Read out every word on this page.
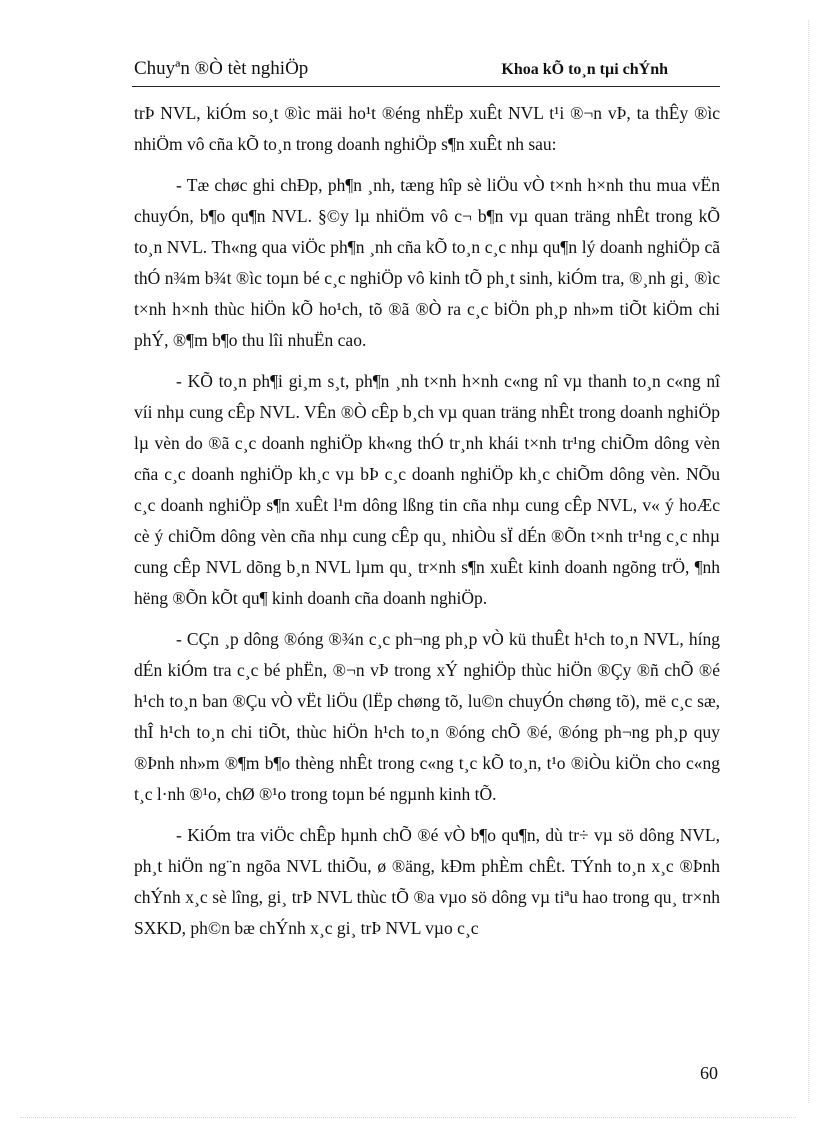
Chuyªn ®Ò tèt nghiÖp	Khoa kÕ to¸n tµi chÝnh

trÞ NVL, kiÓm so¸t ®ìc mäi ho¹t ®éng nhËp xuÊt NVL t¹i ®¬n vÞ, ta thÊy ®ìc nhiÖm vô cña kÕ to¸n trong doanh nghiÖp s¶n xuÊt nh sau:

- Tæ chøc ghi chÐp, ph¶n ¸nh, tæng hîp sè liÖu vÒ t×nh h×nh thu mua vËn chuyÓn, b¶o qu¶n NVL. §©y lµ nhiÖm vô c¬ b¶n vµ quan träng nhÊt trong kÕ to¸n NVL. Th«ng qua viÖc ph¶n ¸nh cña kÕ to¸n c¸c nhµ qu¶n lý doanh nghiÖp cã thÓ n¾m b¾t ®ìc toµn bé c¸c nghiÖp vô kinh tÕ ph¸t sinh, kiÓm tra, ®¸nh gi¸ ®ìc t×nh h×nh thùc hiÖn kÕ ho¹ch, tõ ®ã ®Ò ra c¸c biÖn ph¸p nh»m tiÕt kiÖm chi phÝ, ®¶m b¶o thu lîi nhuËn cao.

- KÕ to¸n ph¶i gi¸m s¸t, ph¶n ¸nh t×nh h×nh c«ng nî vµ thanh to¸n c«ng nî víi nhµ cung cÊp NVL. VÊn ®Ò cÊp b¸ch vµ quan träng nhÊt trong doanh nghiÖp lµ vèn do ®ã c¸c doanh nghiÖp kh«ng thÓ tr¸nh khái t×nh tr¹ng chiÕm dông vèn cña c¸c doanh nghiÖp kh¸c vµ bÞ c¸c doanh nghiÖp kh¸c chiÕm dông vèn. NÕu c¸c doanh nghiÖp s¶n xuÊt l¹m dông lßng tin cña nhµ cung cÊp NVL, v« ý hoÆc cè ý chiÕm dông vèn cña nhµ cung cÊp qu¸ nhiÒu sÏ dÉn ®Õn t×nh tr¹ng c¸c nhµ cung cÊp NVL dõng b¸n NVL lµm qu¸ tr×nh s¶n xuÊt kinh doanh ngõng trÖ, ¶nh hëng ®Õn kÕt qu¶ kinh doanh cña doanh nghiÖp.

- CÇn ¸p dông ®óng ®¾n c¸c ph¬ng ph¸p vÒ kü thuÊt h¹ch to¸n NVL, híng dÉn kiÓm tra c¸c bé phËn, ®¬n vÞ trong xÝ nghiÖp thùc hiÖn ®Çy ®ñ chÕ ®é h¹ch to¸n ban ®Çu vÒ vËt liÖu (lËp chøng tõ, lu©n chuyÓn chøng tõ), më c¸c sæ, thÎ h¹ch to¸n chi tiÕt, thùc hiÖn h¹ch to¸n ®óng chÕ ®é, ®óng ph¬ng ph¸p quy ®Þnh nh»m ®¶m b¶o thèng nhÊt trong c«ng t¸c kÕ to¸n, t¹o ®iÒu kiÖn cho c«ng t¸c l·nh ®¹o, chØ ®¹o trong toµn bé ngµnh kinh tÕ.

- KiÓm tra viÖc chÊp hµnh chÕ ®é vÒ b¶o qu¶n, dù tr÷ vµ sö dông NVL, ph¸t hiÖn ng¨n ngõa NVL thiÕu, ø ®äng, kÐm phÈm chÊt. TÝnh to¸n x¸c ®Þnh chÝnh x¸c sè lîng, gi¸ trÞ NVL thùc tÕ ®a vµo sö dông vµ tiªu hao trong qu¸ tr×nh SXKD, ph©n bæ chÝnh x¸c gi¸ trÞ NVL vµo c¸c

60
